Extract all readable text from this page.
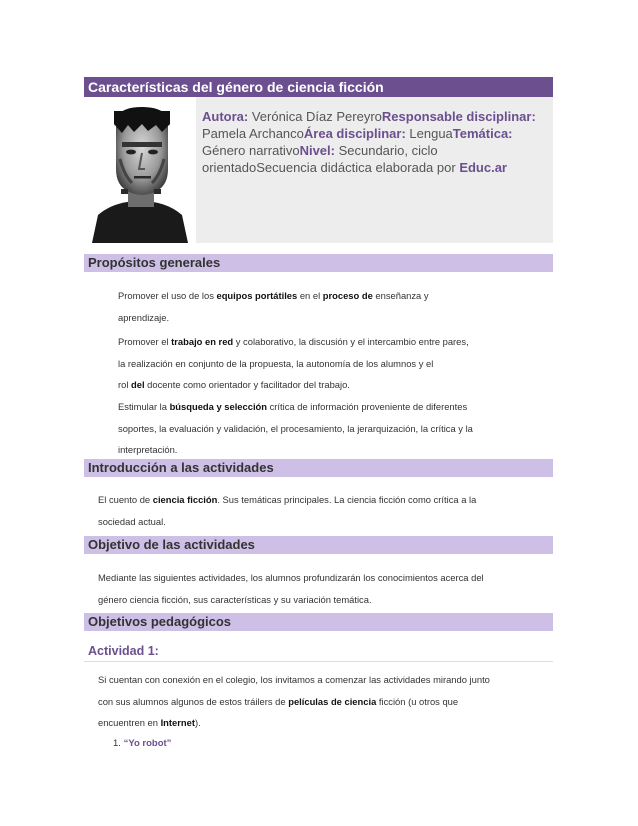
Características del género de ciencia ficción
Autora: Verónica Díaz PereyroResponsable disciplinar: Pamela ArchancoÁrea disciplinar: LenguaTemática: Género narrativoNivel: Secundario, ciclo orientadoSecuencia didáctica elaborada por Educ.ar
Propósitos generales
Promover el uso de los equipos portátiles en el proceso de enseñanza y
aprendizaje.
Promover el trabajo en red y colaborativo, la discusión y el intercambio entre pares,
la realización en conjunto de la propuesta, la autonomía de los alumnos y el
rol del docente como orientador y facilitador del trabajo.
Estimular la búsqueda y selección crítica de información proveniente de diferentes
soportes, la evaluación y validación, el procesamiento, la jerarquización, la crítica y la
interpretación.
Introducción a las actividades
El cuento de ciencia ficción. Sus temáticas principales. La ciencia ficción como crítica a la
sociedad actual.
Objetivo de las actividades
Mediante las siguientes actividades, los alumnos profundizarán los conocimientos acerca del
género ciencia ficción, sus características y su variación temática.
Objetivos pedagógicos
Actividad 1:
Si cuentan con conexión en el colegio, los invitamos a comenzar las actividades mirando junto
con sus alumnos algunos de estos tráilers de películas de ciencia ficción (u otros que
encuentren en Internet).
1. “Yo robot”
